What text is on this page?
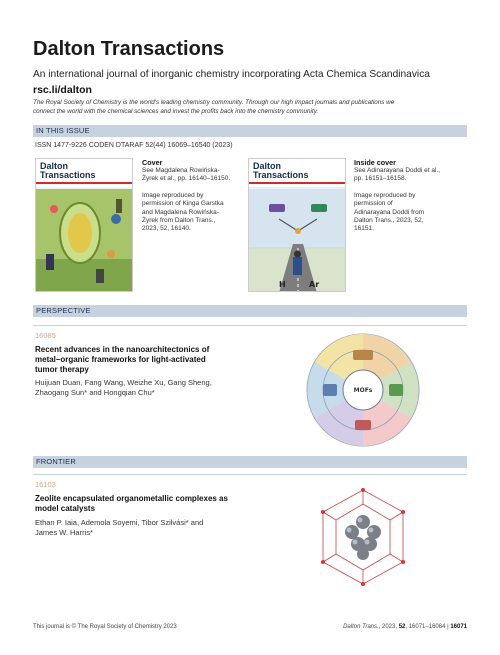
Dalton Transactions
An international journal of inorganic chemistry incorporating Acta Chemica Scandinavica
rsc.li/dalton
The Royal Society of Chemistry is the world's leading chemistry community. Through our high impact journals and publications we
connect the world with the chemical sciences and invest the profits back into the chemistry community.
IN THIS ISSUE
ISSN 1477-9226 CODEN DTARAF 52(44) 16069–16540 (2023)
Dalton
Transactions
Cover
See Magdalena Rowińska-
Żyrek et al., pp. 16140–16150.
Image reproduced by
permission of Kinga Garstka
and Magdalena Rowińska-
Żyrek from Dalton Trans.,
2023, 52, 16140.
H	Ar
Dalton
Transactions
Inside cover
See Adinarayana Doddi et al.,
pp. 16151–16158.
Image reproduced by
permission of
Adinarayana Doddi from
Dalton Trans., 2023, 52,
16151.
PERSPECTIVE
16085
Recent advances in the nanoarchitectonics of
metal–organic frameworks for light-activated
tumor therapy
Huijuan Duan, Fang Wang, Weizhe Xu, Gang Sheng,
Zhaogang Sun* and Hongqian Chu*	MOFs
FRONTIER
16103
Zeolite encapsulated organometallic complexes as
model catalysts
Ethan P. Iaia, Ademola Soyemi, Tibor Szilvási* and
James W. Harris*
This journal is © The Royal Society of Chemistry 2023	Dalton Trans., 2023, 52, 16071–16084 | 16071
